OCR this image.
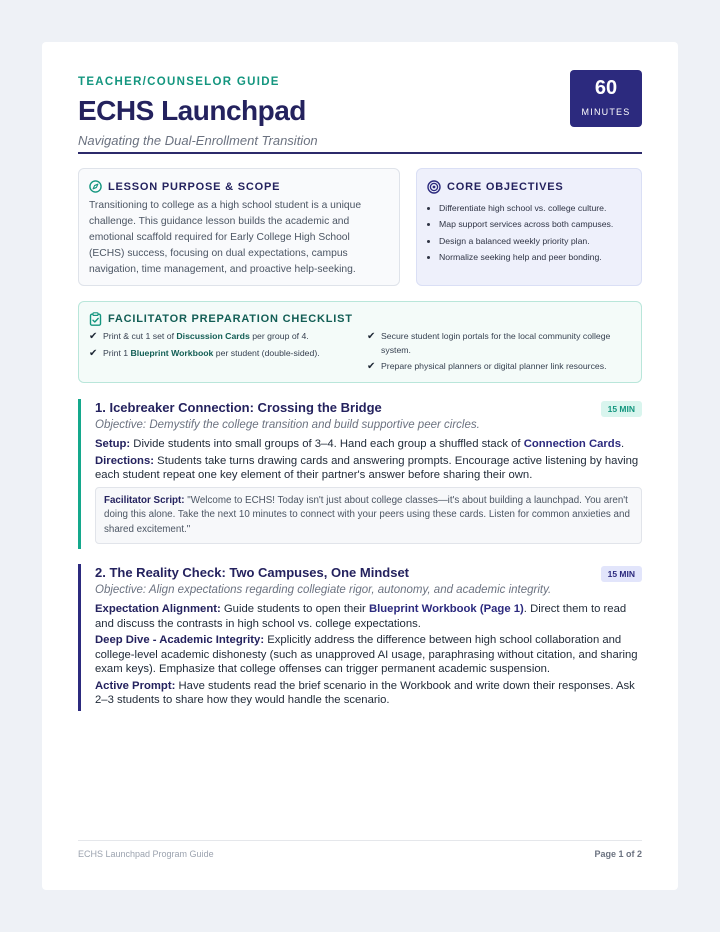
TEACHER/COUNSELOR GUIDE
ECHS Launchpad
Navigating the Dual-Enrollment Transition
60
MINUTES
LESSON PURPOSE & SCOPE
Transitioning to college as a high school student is a unique challenge. This guidance lesson builds the academic and emotional scaffold required for Early College High School (ECHS) success, focusing on dual expectations, campus navigation, time management, and proactive help-seeking.
CORE OBJECTIVES
• Differentiate high school vs. college culture.
• Map support services across both campuses.
• Design a balanced weekly priority plan.
• Normalize seeking help and peer bonding.
FACILITATOR PREPARATION CHECKLIST
✔ Print & cut 1 set of Discussion Cards per group of 4.
✔ Print 1 Blueprint Workbook per student (double-sided).
✔ Secure student login portals for the local community college system.
✔ Prepare physical planners or digital planner link resources.
1. Icebreaker Connection: Crossing the Bridge	15 MIN
Objective: Demystify the college transition and build supportive peer circles.
Setup: Divide students into small groups of 3–4. Hand each group a shuffled stack of Connection Cards.
Directions: Students take turns drawing cards and answering prompts. Encourage active listening by having each student repeat one key element of their partner's answer before sharing their own.
Facilitator Script: "Welcome to ECHS! Today isn't just about college classes—it's about building a launchpad. You aren't doing this alone. Take the next 10 minutes to connect with your peers using these cards. Listen for common anxieties and shared excitement."
2. The Reality Check: Two Campuses, One Mindset	15 MIN
Objective: Align expectations regarding collegiate rigor, autonomy, and academic integrity.
Expectation Alignment: Guide students to open their Blueprint Workbook (Page 1). Direct them to read and discuss the contrasts in high school vs. college expectations.
Deep Dive - Academic Integrity: Explicitly address the difference between high school collaboration and college-level academic dishonesty (such as unapproved AI usage, paraphrasing without citation, and sharing exam keys). Emphasize that college offenses can trigger permanent academic suspension.
Active Prompt: Have students read the brief scenario in the Workbook and write down their responses. Ask 2–3 students to share how they would handle the scenario.
ECHS Launchpad Program Guide	Page 1 of 2
